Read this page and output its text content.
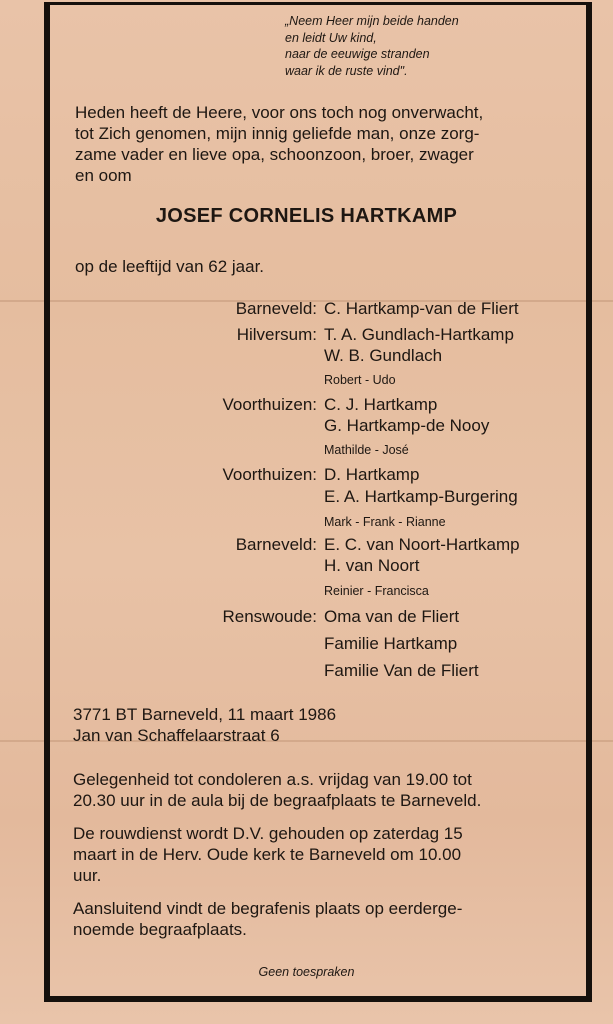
„Neem Heer mijn beide handen
en leidt Uw kind,
naar de eeuwige stranden
waar ik de ruste vind".
Heden heeft de Heere, voor ons toch nog onverwacht,
tot Zich genomen, mijn innig geliefde man, onze zorg-
zame vader en lieve opa, schoonzoon, broer, zwager
en oom
JOSEF CORNELIS HARTKAMP
op de leeftijd van 62 jaar.
Barneveld: C. Hartkamp-van de Fliert
Hilversum: T. A. Gundlach-Hartkamp
W. B. Gundlach
Robert - Udo
Voorthuizen: C. J. Hartkamp
G. Hartkamp-de Nooy
Mathilde - José
Voorthuizen: D. Hartkamp
E. A. Hartkamp-Burgering
Mark - Frank - Rianne
Barneveld: E. C. van Noort-Hartkamp
H. van Noort
Reinier - Francisca
Renswoude: Oma van de Fliert
Familie Hartkamp
Familie Van de Fliert
3771 BT Barneveld, 11 maart 1986
Jan van Schaffelaarstraat 6
Gelegenheid tot condoleren a.s. vrijdag van 19.00 tot
20.30 uur in de aula bij de begraafplaats te Barneveld.
De rouwdienst wordt D.V. gehouden op zaterdag 15
maart in de Herv. Oude kerk te Barneveld om 10.00
uur.
Aansluitend vindt de begrafenis plaats op eerderge-
noemde begraafplaats.
Geen toespraken
